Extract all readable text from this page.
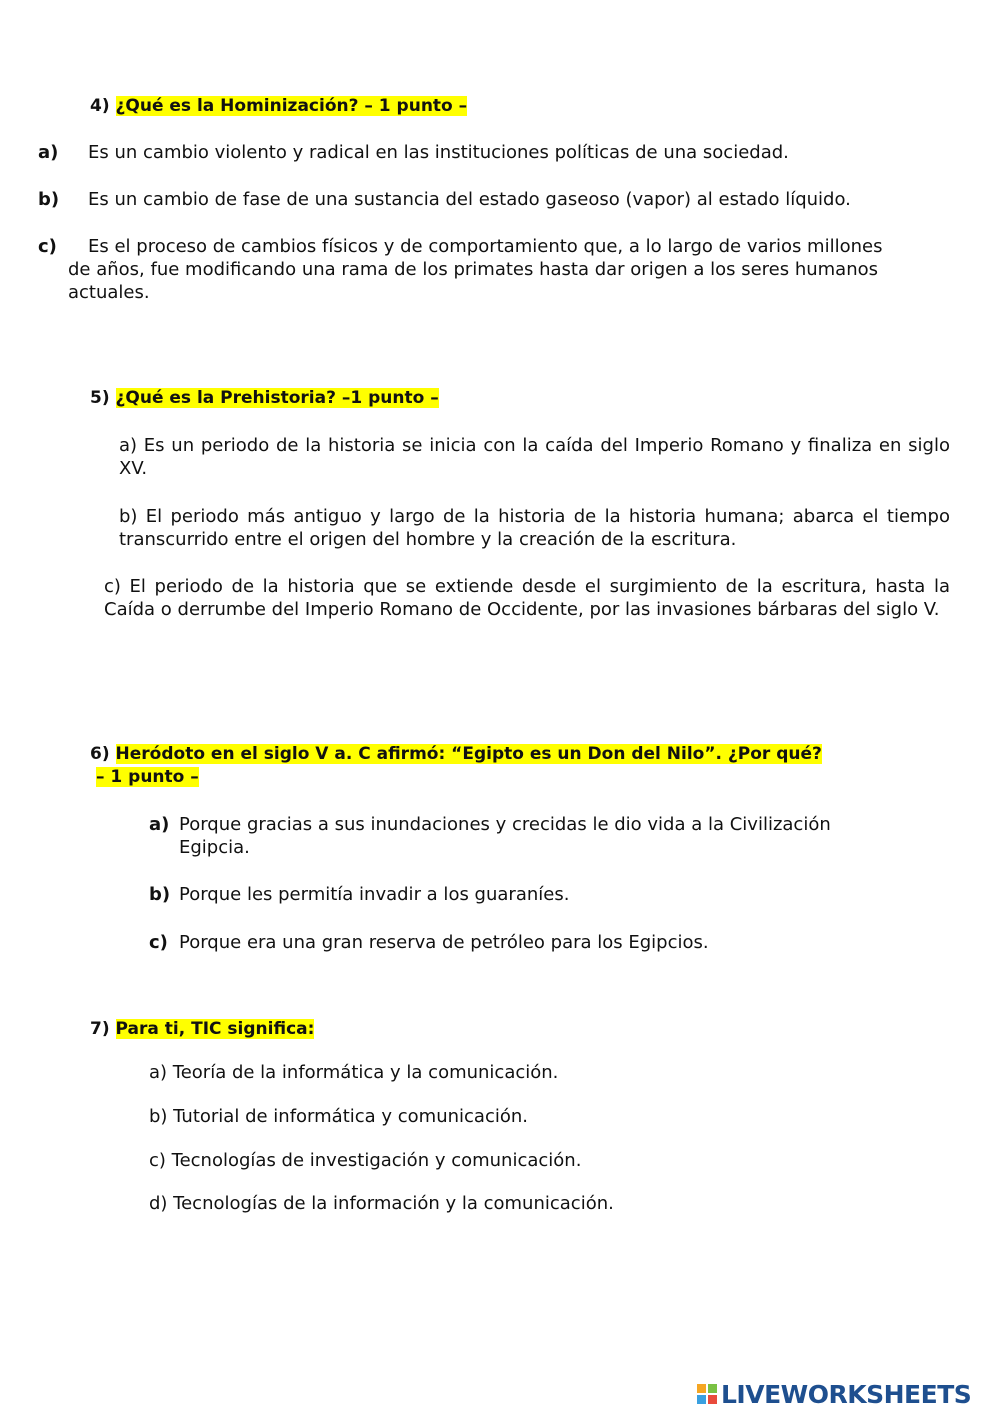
4) ¿Qué es la Hominización? – 1 punto –
a) Es un cambio violento y radical en las instituciones políticas de una sociedad.
b) Es un cambio de fase de una sustancia del estado gaseoso (vapor) al estado líquido.
c) Es el proceso de cambios físicos y de comportamiento que, a lo largo de varios millones
de años, fue modificando una rama de los primates hasta dar origen a los seres humanos
actuales.
5) ¿Qué es la Prehistoria? –1 punto –
a) Es un periodo de la historia se inicia con la caída del Imperio Romano y finaliza en siglo XV.
b) El periodo más antiguo y largo de la historia de la historia humana; abarca el tiempo transcurrido entre el origen del hombre y la creación de la escritura.
c) El periodo de la historia que se extiende desde el surgimiento de la escritura, hasta la Caída o derrumbe del Imperio Romano de Occidente, por las invasiones bárbaras del siglo V.
6) Heródoto en el siglo V a. C afirmó: “Egipto es un Don del Nilo”. ¿Por qué?
– 1 punto –
a) Porque gracias a sus inundaciones y crecidas le dio vida a la Civilización
Egipcia.
b) Porque les permitía invadir a los guaraníes.
c) Porque era una gran reserva de petróleo para los Egipcios.
7) Para ti, TIC significa:
a) Teoría de la informática y la comunicación.
b) Tutorial de informática y comunicación.
c) Tecnologías de investigación y comunicación.
d) Tecnologías de la información y la comunicación.
LIVEWORKSHEETS
